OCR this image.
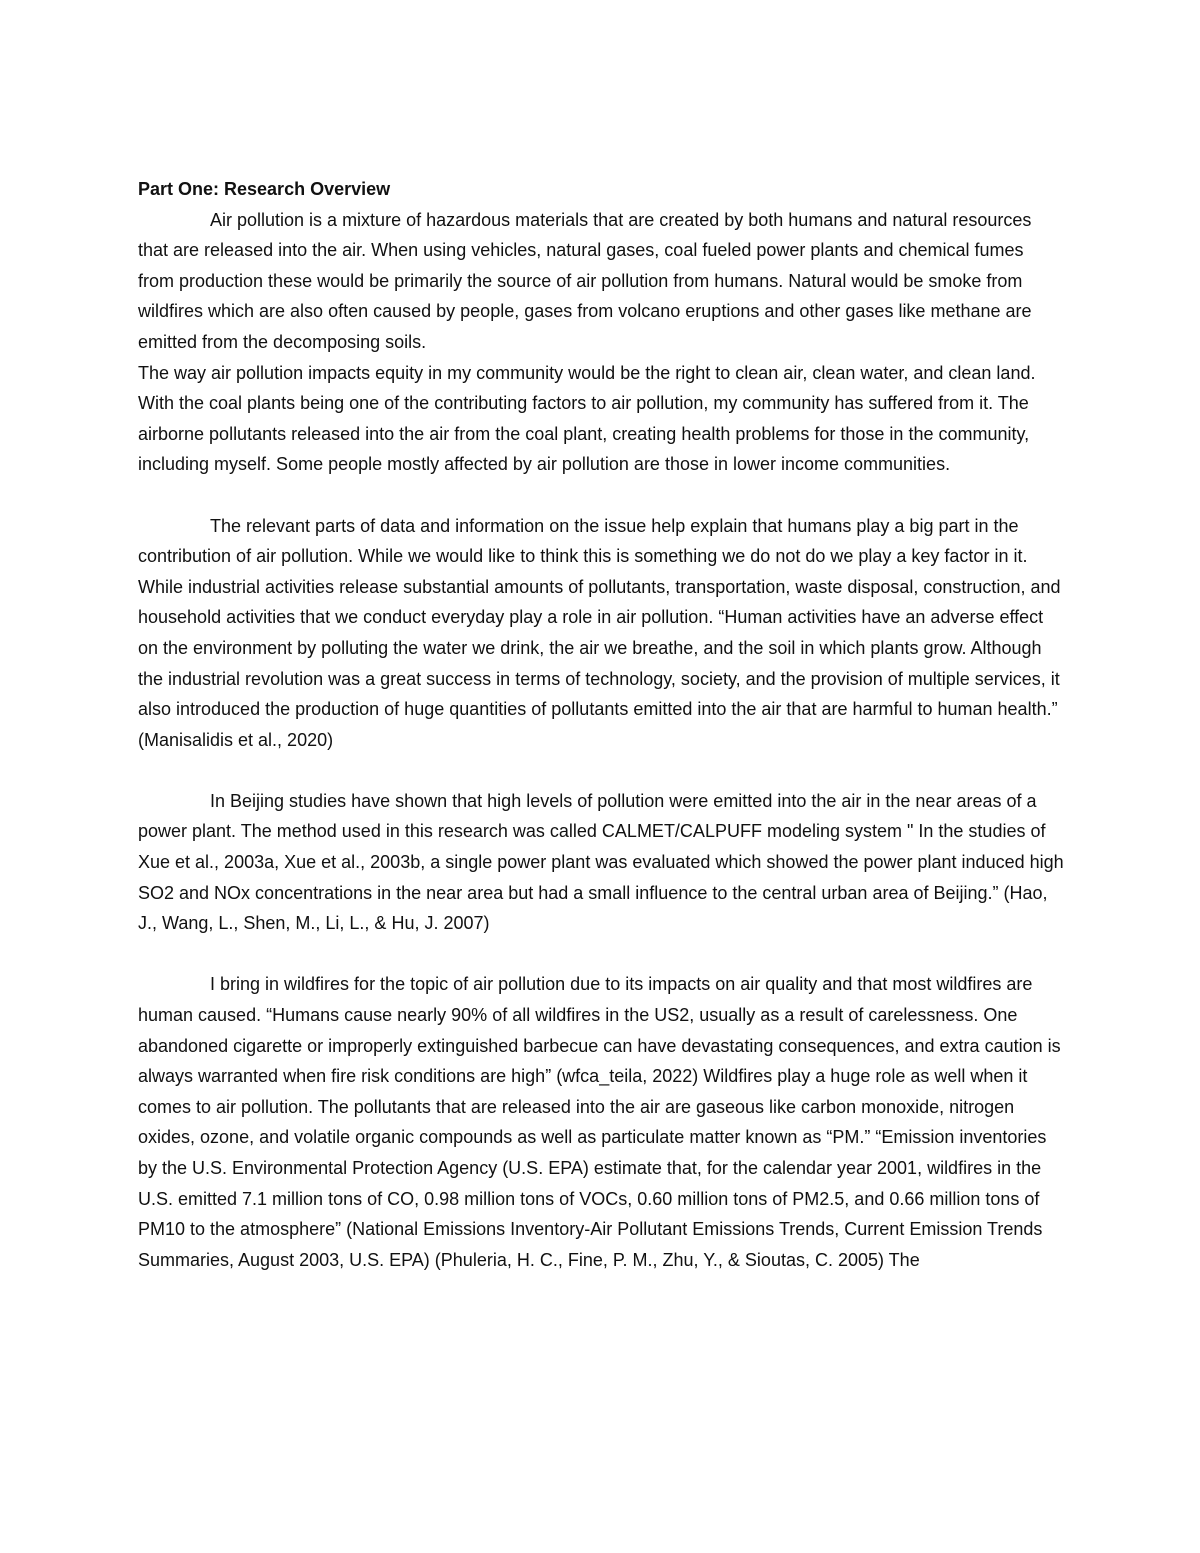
Part One: Research Overview

Air pollution is a mixture of hazardous materials that are created by both humans and natural resources that are released into the air. When using vehicles, natural gases, coal fueled power plants and chemical fumes from production these would be primarily the source of air pollution from humans. Natural would be smoke from wildfires which are also often caused by people, gases from volcano eruptions and other gases like methane are emitted from the decomposing soils.

The way air pollution impacts equity in my community would be the right to clean air, clean water, and clean land. With the coal plants being one of the contributing factors to air pollution, my community has suffered from it. The airborne pollutants released into the air from the coal plant, creating health problems for those in the community, including myself. Some people mostly affected by air pollution are those in lower income communities.

The relevant parts of data and information on the issue help explain that humans play a big part in the contribution of air pollution. While we would like to think this is something we do not do we play a key factor in it. While industrial activities release substantial amounts of pollutants, transportation, waste disposal, construction, and household activities that we conduct everyday play a role in air pollution. “Human activities have an adverse effect on the environment by polluting the water we drink, the air we breathe, and the soil in which plants grow. Although the industrial revolution was a great success in terms of technology, society, and the provision of multiple services, it also introduced the production of huge quantities of pollutants emitted into the air that are harmful to human health.” (Manisalidis et al., 2020)

In Beijing studies have shown that high levels of pollution were emitted into the air in the near areas of a power plant. The method used in this research was called CALMET/CALPUFF modeling system " In the studies of Xue et al., 2003a, Xue et al., 2003b, a single power plant was evaluated which showed the power plant induced high SO2 and NOx concentrations in the near area but had a small influence to the central urban area of Beijing.” (Hao, J., Wang, L., Shen, M., Li, L., & Hu, J. 2007)

I bring in wildfires for the topic of air pollution due to its impacts on air quality and that most wildfires are human caused. “Humans cause nearly 90% of all wildfires in the US2, usually as a result of carelessness. One abandoned cigarette or improperly extinguished barbecue can have devastating consequences, and extra caution is always warranted when fire risk conditions are high” (wfca_teila, 2022) Wildfires play a huge role as well when it comes to air pollution. The pollutants that are released into the air are gaseous like carbon monoxide, nitrogen oxides, ozone, and volatile organic compounds as well as particulate matter known as “PM.” “Emission inventories by the U.S. Environmental Protection Agency (U.S. EPA) estimate that, for the calendar year 2001, wildfires in the U.S. emitted 7.1 million tons of CO, 0.98 million tons of VOCs, 0.60 million tons of PM2.5, and 0.66 million tons of PM10 to the atmosphere” (National Emissions Inventory-Air Pollutant Emissions Trends, Current Emission Trends Summaries, August 2003, U.S. EPA) (Phuleria, H. C., Fine, P. M., Zhu, Y., & Sioutas, C. 2005) The
